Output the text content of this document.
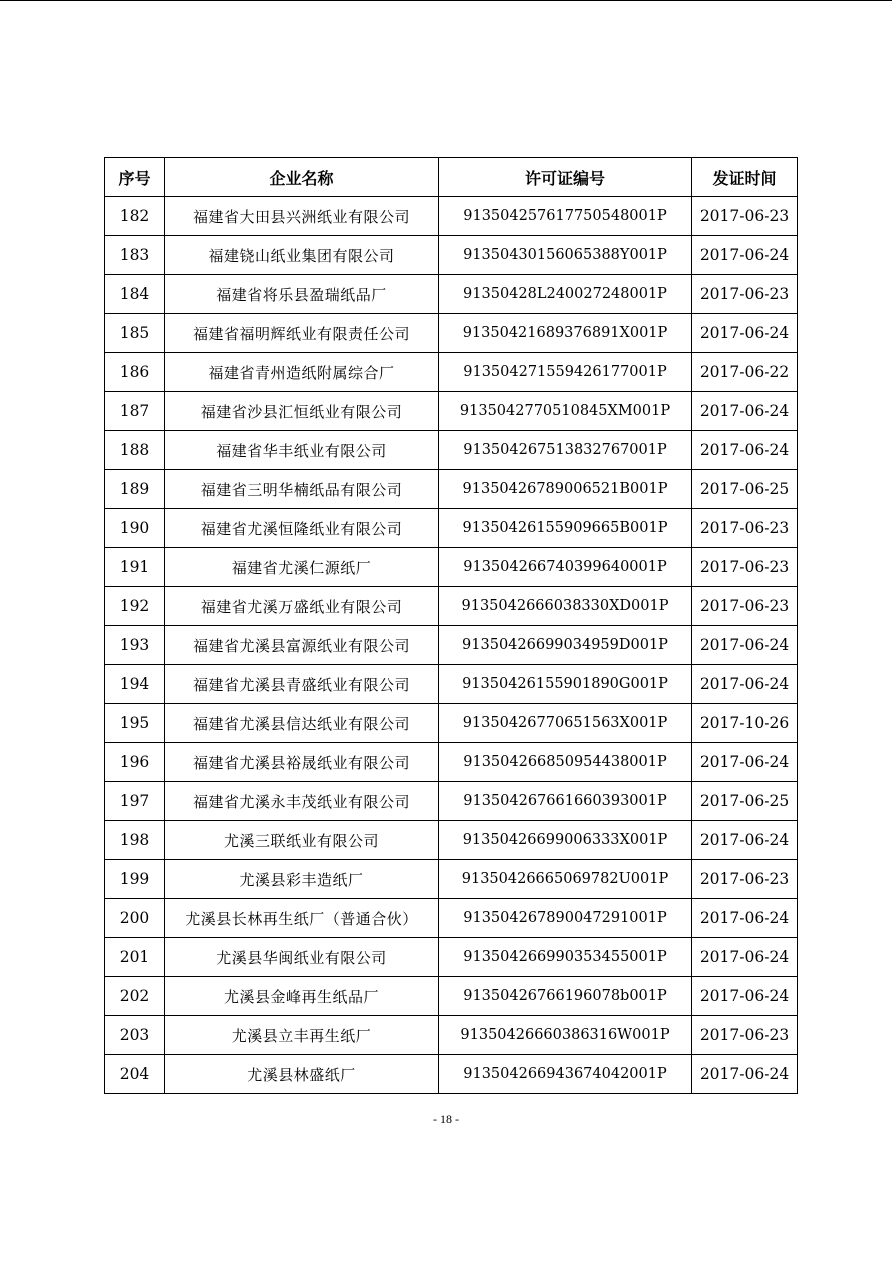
序号	企业名称	许可证编号	发证时间
182	福建省大田县兴洲纸业有限公司	913504257617750548001P	2017-06-23
183	福建铙山纸业集团有限公司	91350430156065388Y001P	2017-06-24
184	福建省将乐县盈瑞纸品厂	91350428L240027248001P	2017-06-23
185	福建省福明辉纸业有限责任公司	91350421689376891X001P	2017-06-24
186	福建省青州造纸附属综合厂	913504271559426177001P	2017-06-22
187	福建省沙县汇恒纸业有限公司	9135042770510845XM001P	2017-06-24
188	福建省华丰纸业有限公司	913504267513832767001P	2017-06-24
189	福建省三明华楠纸品有限公司	91350426789006521B001P	2017-06-25
190	福建省尤溪恒隆纸业有限公司	91350426155909665B001P	2017-06-23
191	福建省尤溪仁源纸厂	913504266740399640001P	2017-06-23
192	福建省尤溪万盛纸业有限公司	9135042666038330XD001P	2017-06-23
193	福建省尤溪县富源纸业有限公司	91350426699034959D001P	2017-06-24
194	福建省尤溪县青盛纸业有限公司	91350426155901890G001P	2017-06-24
195	福建省尤溪县信达纸业有限公司	91350426770651563X001P	2017-10-26
196	福建省尤溪县裕晟纸业有限公司	913504266850954438001P	2017-06-24
197	福建省尤溪永丰茂纸业有限公司	913504267661660393001P	2017-06-25
198	尤溪三联纸业有限公司	91350426699006333X001P	2017-06-24
199	尤溪县彩丰造纸厂	91350426665069782U001P	2017-06-23
200	尤溪县长林再生纸厂（普通合伙）	913504267890047291001P	2017-06-24
201	尤溪县华闽纸业有限公司	913504266990353455001P	2017-06-24
202	尤溪县金峰再生纸品厂	91350426766196078b001P	2017-06-24
203	尤溪县立丰再生纸厂	91350426660386316W001P	2017-06-23
204	尤溪县林盛纸厂	913504266943674042001P	2017-06-24
- 18 -
